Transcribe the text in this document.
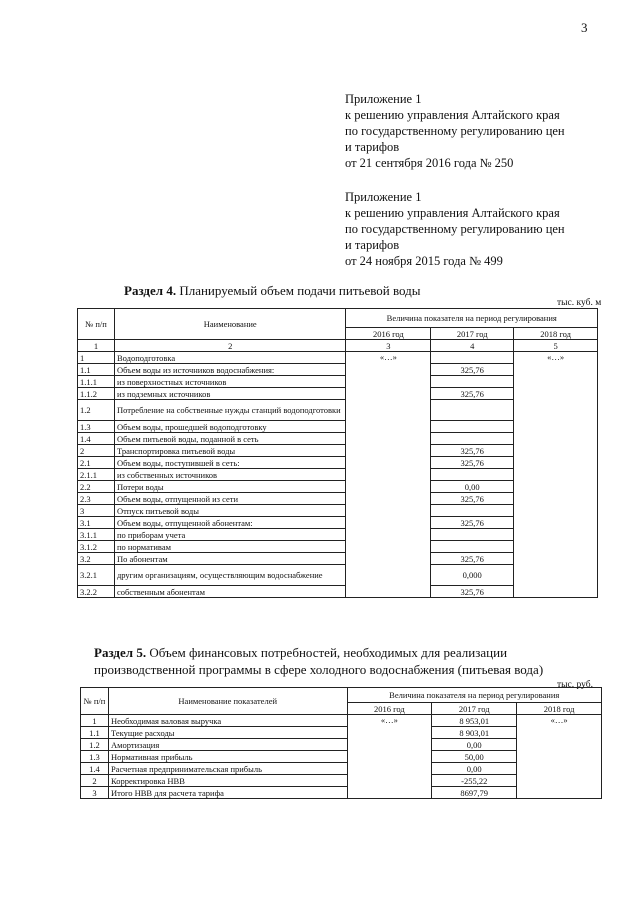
3
Приложение 1
к решению управления Алтайского края
по государственному регулированию цен
и тарифов
от 21 сентября 2016 года № 250
Приложение 1
к решению управления Алтайского края
по государственному регулированию цен
и тарифов
от 24 ноября 2015 года № 499
Раздел 4. Планируемый объем подачи питьевой воды
тыс. куб. м
№ п/п	Наименование	Величина показателя на период регулирования		
		2016 год	2017 год	2018 год
1	2	3	4	5
1	Водоподготовка	«…»		«…»
1.1	Объем воды из источников водоснабжения:		325,76	
1.1.1	из поверхностных источников			
1.1.2	из подземных источников		325,76	
1.2	Потребление на собственные нужды станций водоподготовки			
1.3	Объем воды, прошедшей водоподготовку			
1.4	Объем питьевой воды, поданной в сеть			
2	Транспортировка питьевой воды		325,76	
2.1	Объем воды, поступившей в сеть:		325,76	
2.1.1	из собственных источников			
2.2	Потери воды		0,00	
2.3	Объем воды, отпущенной из сети		325,76	
3	Отпуск питьевой воды			
3.1	Объем воды, отпущенной абонентам:		325,76	
3.1.1	по приборам учета			
3.1.2	по нормативам			
3.2	По абонентам		325,76	
3.2.1	другим организациям, осуществляющим водоснабжение		0,000	
3.2.2	собственным абонентам		325,76	
Раздел 5. Объем финансовых потребностей, необходимых для реализации производственной программы в сфере холодного водоснабжения (питьевая вода)
тыс. руб.
№ п/п	Наименование показателей	Величина показателя на период регулирования		
		2016 год	2017 год	2018 год
1	Необходимая валовая выручка	«…»	8 953,01	«…»
1.1	Текущие расходы		8 903,01	
1.2	Амортизация		0,00	
1.3	Нормативная прибыль		50,00	
1.4	Расчетная предпринимательская прибыль		0,00	
2	Корректировка НВВ		-255,22	
3	Итого НВВ для расчета тарифа		8697,79	
